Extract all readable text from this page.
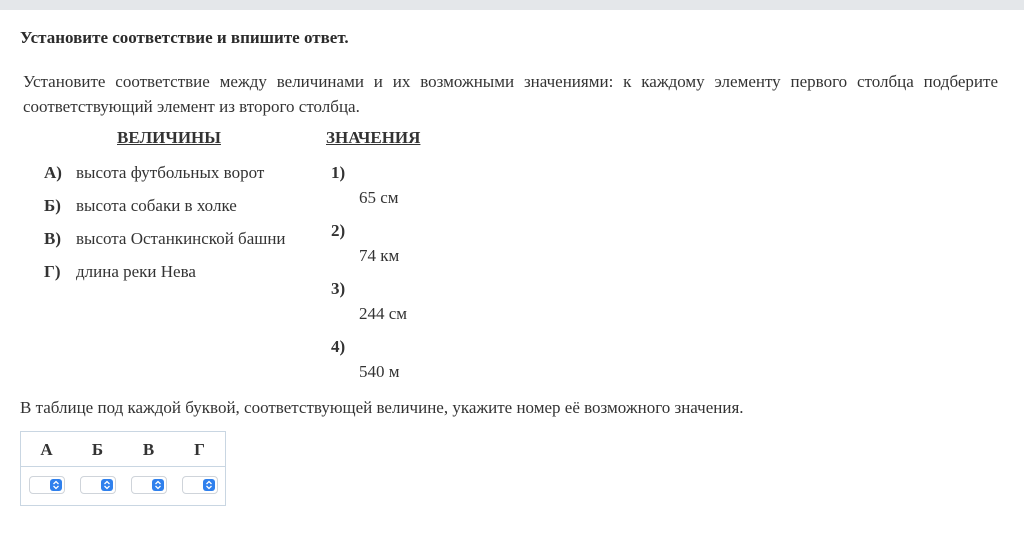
Установите соответствие и впишите ответ.
Установите соответствие между величинами и их возможными значениями: к каждому элементу первого столбца подберите соответствующий элемент из второго столбца.
ВЕЛИЧИНЫ	ЗНАЧЕНИЯ
А) высота футбольных ворот
Б) высота собаки в холке
В) высота Останкинской башни
Г) длина реки Нева
1)
65 см
2)
74 км
3)
244 см
4)
540 м
В таблице под каждой буквой, соответствующей величине, укажите номер её возможного значения.
А	Б	В	Г
